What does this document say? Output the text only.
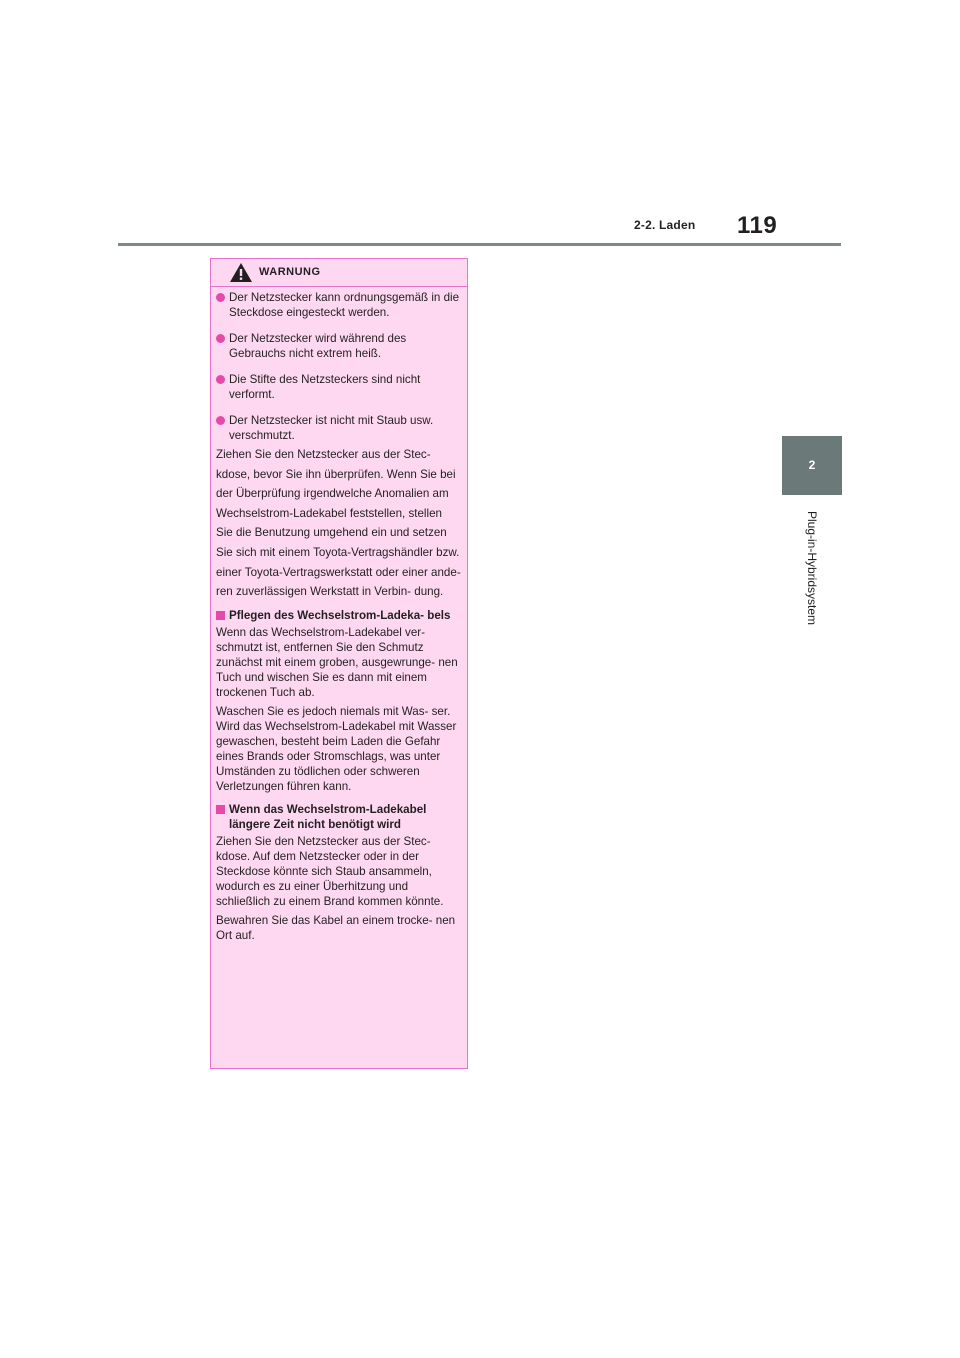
2-2. Laden 119
2
Plug-in-Hybridsystem
WARNUNG
Der Netzstecker kann ordnungsgemäß in die Steckdose eingesteckt werden.
Der Netzstecker wird während des Gebrauchs nicht extrem heiß.
Die Stifte des Netzsteckers sind nicht verformt.
Der Netzstecker ist nicht mit Staub usw. verschmutzt.

Ziehen Sie den Netzstecker aus der Stec- kdose, bevor Sie ihn überprüfen. Wenn Sie bei der Überprüfung irgendwelche Anomalien am Wechselstrom-Ladekabel feststellen, stellen Sie die Benutzung umgehend ein und setzen Sie sich mit einem Toyota-Vertragshändler bzw. einer Toyota-Vertragswerkstatt oder einer ande- ren zuverlässigen Werkstatt in Verbin- dung.

Pflegen des Wechselstrom-Ladeka- bels

Wenn das Wechselstrom-Ladekabel ver- schmutzt ist, entfernen Sie den Schmutz zunächst mit einem groben, ausgewrunge- nen Tuch und wischen Sie es dann mit einem trockenen Tuch ab.

Waschen Sie es jedoch niemals mit Was- ser. Wird das Wechselstrom-Ladekabel mit Wasser gewaschen, besteht beim Laden die Gefahr eines Brands oder Stromschlags, was unter Umständen zu tödlichen oder schweren Verletzungen führen kann.

Wenn das Wechselstrom-Ladekabel längere Zeit nicht benötigt wird

Ziehen Sie den Netzstecker aus der Stec- kdose. Auf dem Netzstecker oder in der Steckdose könnte sich Staub ansammeln, wodurch es zu einer Überhitzung und schließlich zu einem Brand kommen könnte.

Bewahren Sie das Kabel an einem trocke- nen Ort auf.
